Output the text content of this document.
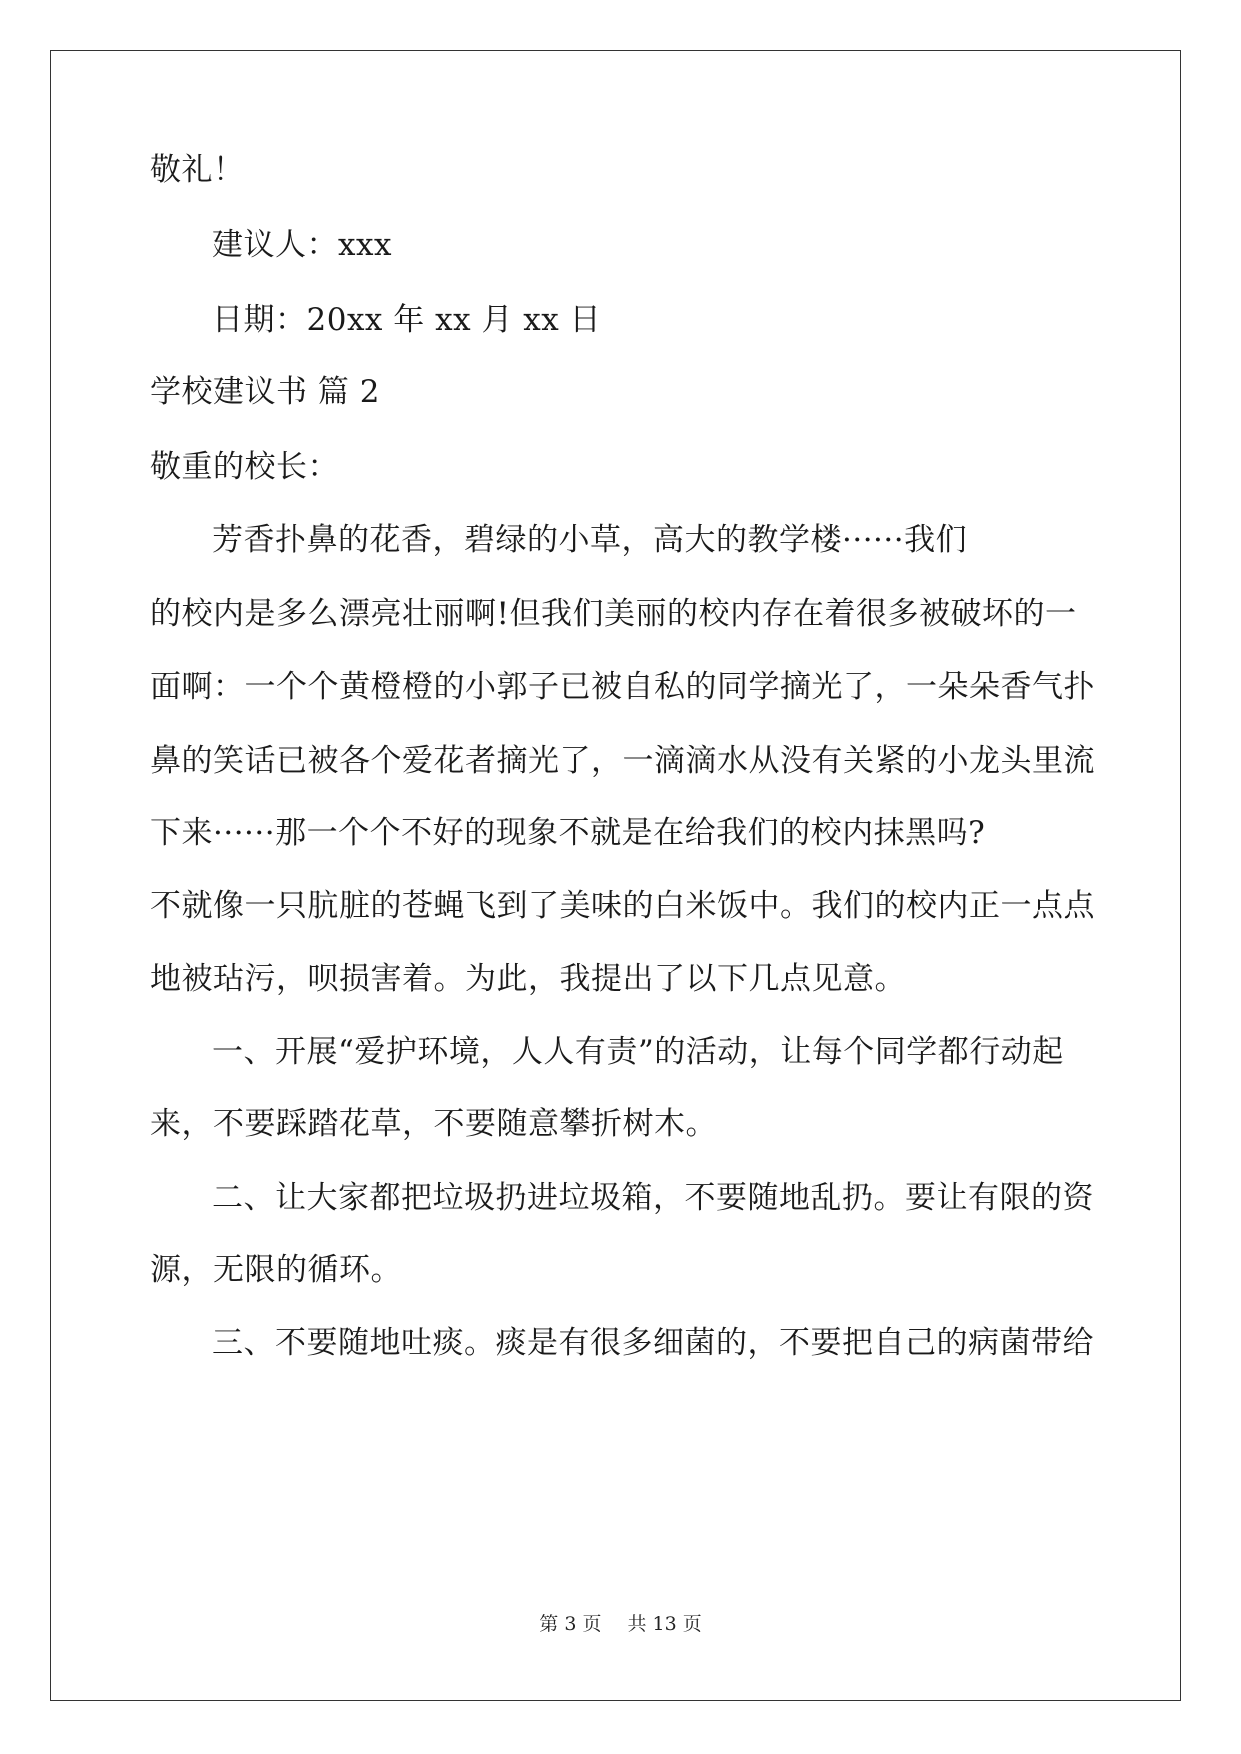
敬礼！
建议人：xxx
日期：20xx 年 xx 月 xx 日
学校建议书 篇 2
敬重的校长：
芳香扑鼻的花香，碧绿的小草，高大的教学楼······我们
的校内是多么漂亮壮丽啊!但我们美丽的校内存在着很多被破坏的一
面啊：一个个黄橙橙的小郭子已被自私的同学摘光了，一朵朵香气扑
鼻的笑话已被各个爱花者摘光了，一滴滴水从没有关紧的小龙头里流
下来······那一个个不好的现象不就是在给我们的校内抹黑吗?
不就像一只肮脏的苍蝇飞到了美味的白米饭中。我们的校内正一点点
地被玷污，呗损害着。为此，我提出了以下几点见意。
一、开展“爱护环境，人人有责”的活动，让每个同学都行动起
来，不要踩踏花草，不要随意攀折树木。
二、让大家都把垃圾扔进垃圾箱，不要随地乱扔。要让有限的资
源，无限的循环。
三、不要随地吐痰。痰是有很多细菌的，不要把自己的病菌带给
第 3 页 共 13 页
